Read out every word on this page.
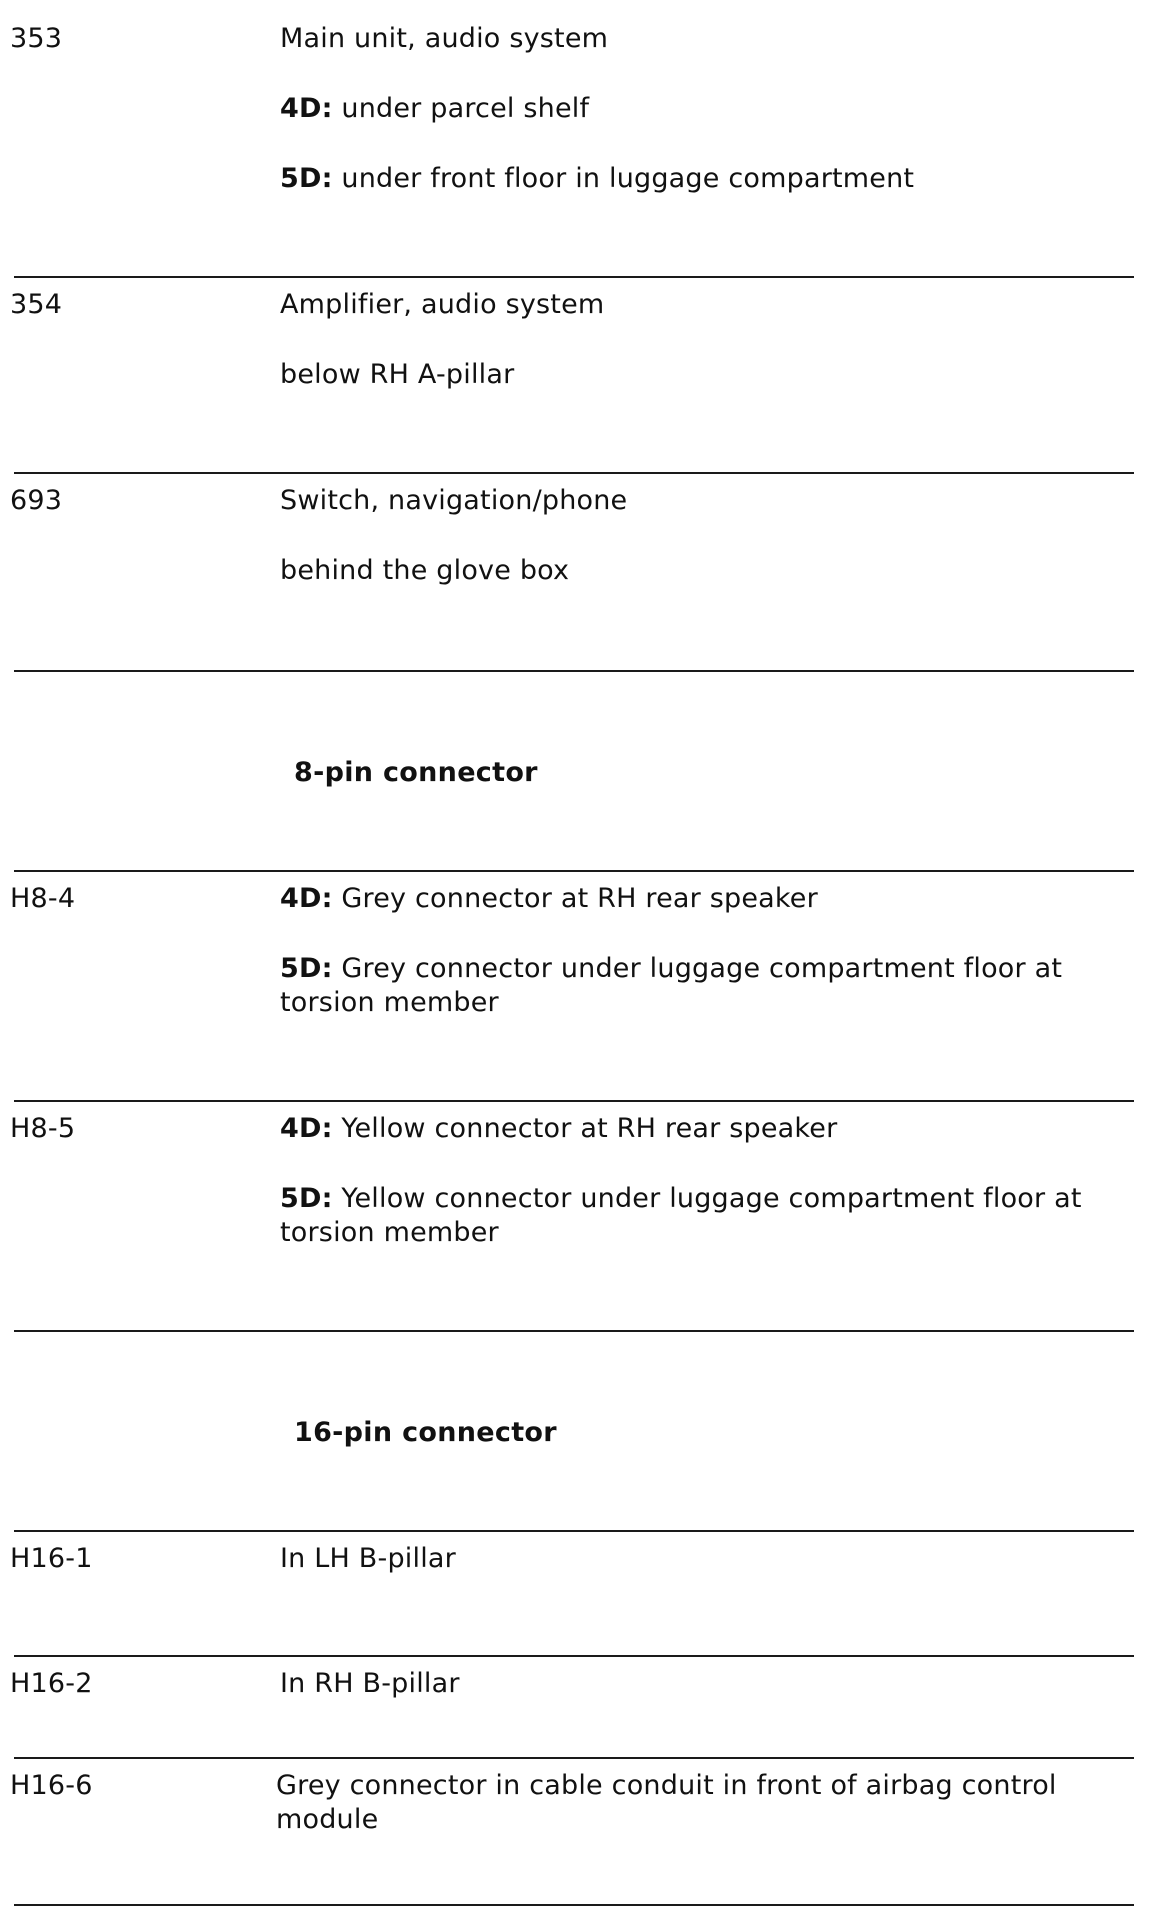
353	Main unit, audio system

4D: under parcel shelf

5D: under front floor in luggage compartment

354	Amplifier, audio system

below RH A-pillar

693	Switch, navigation/phone

behind the glove box

8-pin connector
H8-4	4D: Grey connector at RH rear speaker

5D: Grey connector under luggage compartment floor at torsion member

H8-5	4D: Yellow connector at RH rear speaker

5D: Yellow connector under luggage compartment floor at torsion member

16-pin connector
H16-1	In LH B-pillar

H16-2	In RH B-pillar

H16-6	Grey connector in cable conduit in front of airbag control module
